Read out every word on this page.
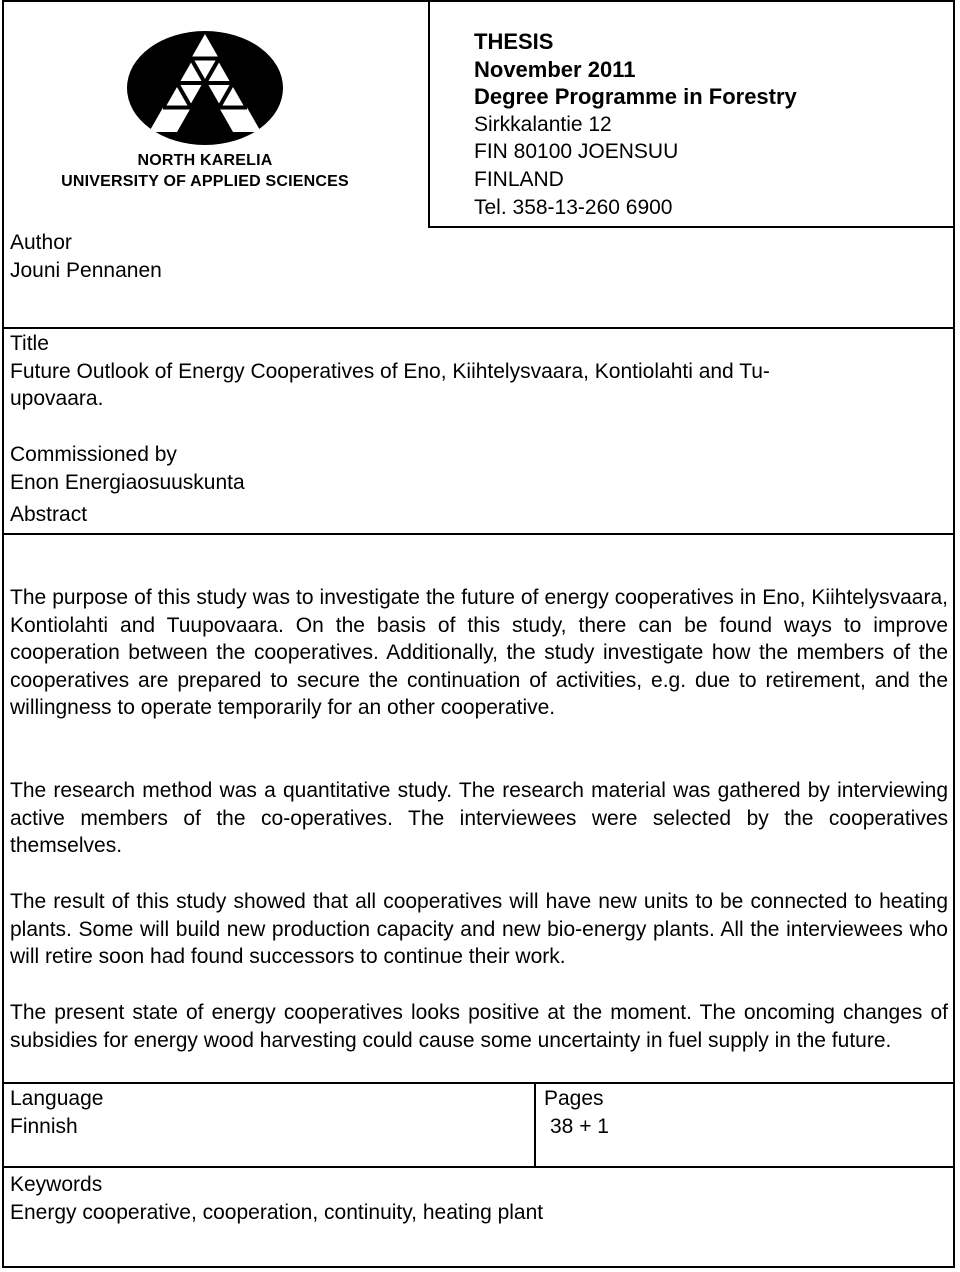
NORTH KARELIA
UNIVERSITY OF APPLIED SCIENCES
THESIS
November 2011
Degree Programme in Forestry
Sirkkalantie 12
FIN 80100 JOENSUU
FINLAND
Tel. 358-13-260 6900
Author
Jouni Pennanen
Title
Future Outlook of Energy Cooperatives of Eno, Kiihtelysvaara, Kontiolahti and Tu-
upovaara.
Commissioned by
Enon Energiaosuuskunta
Abstract
The purpose of this study was to investigate the future of energy cooperatives in Eno, Kiihtelysvaara, Kontiolahti and Tuupovaara. On the basis of this study, there can be found ways to improve cooperation between the cooperatives. Additionally, the study investigate how the members of the cooperatives are prepared to secure the continuation of activities, e.g. due to retirement, and the willingness to operate temporarily for an other cooperative.
The research method was a quantitative study. The research material was gathered by interviewing active members of the co-operatives. The interviewees were selected by the cooperatives themselves.
The result of this study showed that all cooperatives will have new units to be connected to heating plants. Some will build new production capacity and new bio-energy plants. All the interviewees who will retire soon had found successors to continue their work.
The present state of energy cooperatives looks positive at the moment. The oncoming changes of subsidies for energy wood harvesting could cause some uncertainty in fuel supply in the future.
Language
Finnish
Pages
38 + 1
Keywords
Energy cooperative, cooperation, continuity, heating plant
